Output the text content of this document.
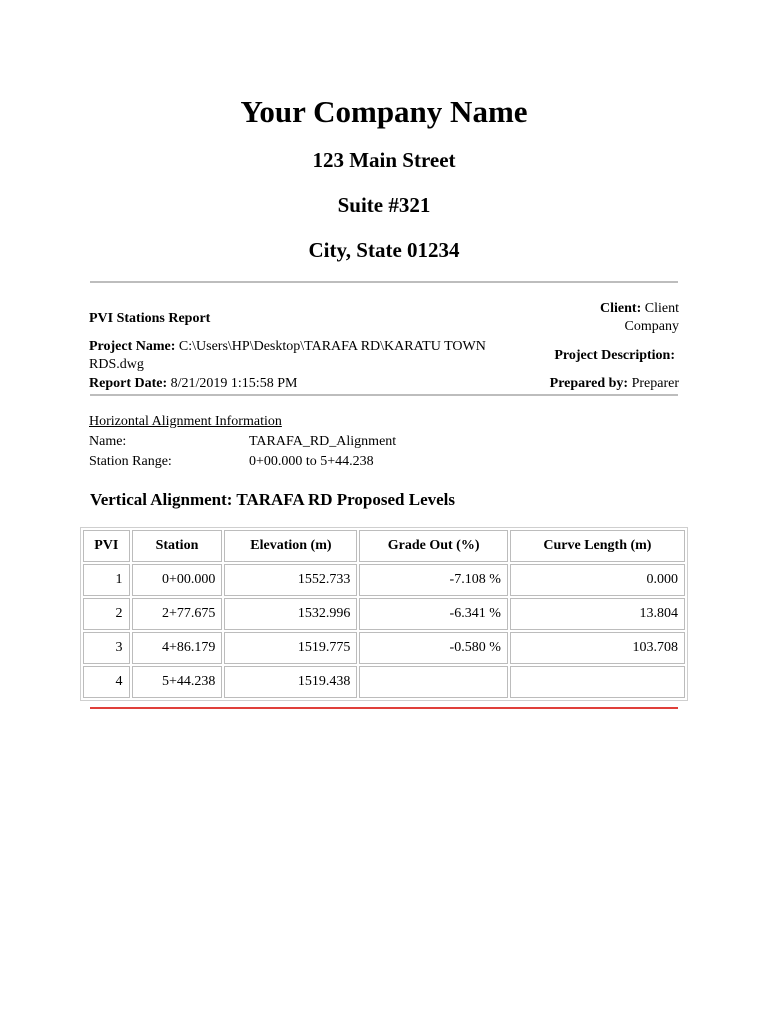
Your Company Name
123 Main Street
Suite #321
City, State 01234
PVI Stations Report
Client: Client
Company
Project Name: C:\Users\HP\Desktop\TARAFA RD\KARATU TOWN RDS.dwg
Project Description:
Report Date: 8/21/2019 1:15:58 PM	Prepared by: Preparer
Horizontal Alignment Information
Name:	TARAFA_RD_Alignment
Station Range:	0+00.000 to 5+44.238
Vertical Alignment: TARAFA RD Proposed Levels
PVI	Station	Elevation (m)	Grade Out (%)	Curve Length (m)
1	0+00.000	1552.733	-7.108 %	0.000
2	2+77.675	1532.996	-6.341 %	13.804
3	4+86.179	1519.775	-0.580 %	103.708
4	5+44.238	1519.438		
